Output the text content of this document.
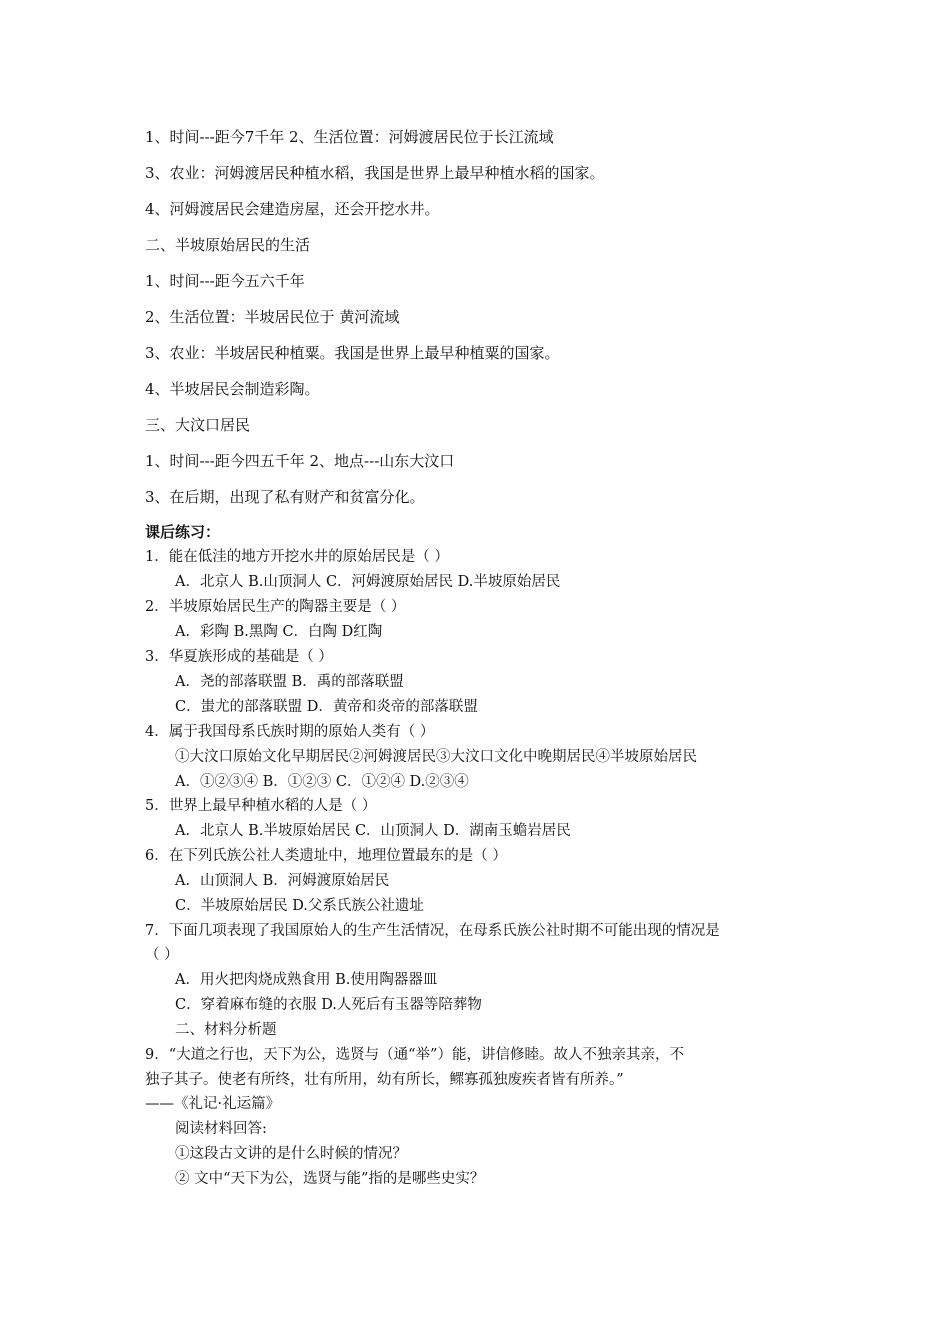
1、时间---距今7千年 2、生活位置：河姆渡居民位于长江流域
3、农业：河姆渡居民种植水稻，我国是世界上最早种植水稻的国家。
4、河姆渡居民会建造房屋，还会开挖水井。
二、半坡原始居民的生活
1、时间---距今五六千年
2、生活位置：半坡居民位于 黄河流域
3、农业：半坡居民种植粟。我国是世界上最早种植粟的国家。
4、半坡居民会制造彩陶。
三、大汶口居民
1、时间---距今四五千年 2、地点---山东大汶口
3、在后期，出现了私有财产和贫富分化。
课后练习：
1．能在低洼的地方开挖水井的原始居民是（ ）
A．北京人 B.山顶洞人 C．河姆渡原始居民 D.半坡原始居民
2．半坡原始居民生产的陶器主要是（ ）
A．彩陶 B.黑陶 C．白陶 D红陶
3．华夏族形成的基础是（ ）
A．尧的部落联盟 B．禹的部落联盟
C．蚩尤的部落联盟 D．黄帝和炎帝的部落联盟
4．属于我国母系氏族时期的原始人类有（ ）
①大汶口原始文化早期居民②河姆渡居民③大汶口文化中晚期居民④半坡原始居民
A．①②③④ B．①②③ C．①②④ D.②③④
5．世界上最早种植水稻的人是（ ）
A．北京人 B.半坡原始居民 C．山顶洞人 D．湖南玉蟾岩居民
6．在下列氏族公社人类遗址中，地理位置最东的是（ ）
A．山顶洞人 B．河姆渡原始居民
C．半坡原始居民 D.父系氏族公社遗址
7．下面几项表现了我国原始人的生产生活情况，在母系氏族公社时期不可能出现的情况是
（ ）
A．用火把肉烧成熟食用 B.使用陶器器皿
C．穿着麻布缝的衣服 D.人死后有玉器等陪葬物
二、材料分析题
9．“大道之行也，天下为公，选贤与（通“举”）能，讲信修睦。故人不独亲其亲，不
独子其子。使老有所终，壮有所用，幼有所长，鳏寡孤独废疾者皆有所养。”
——《礼记·礼运篇》
阅读材料回答:
①这段古文讲的是什么时候的情况？
② 文中“天下为公，选贤与能”指的是哪些史实？
